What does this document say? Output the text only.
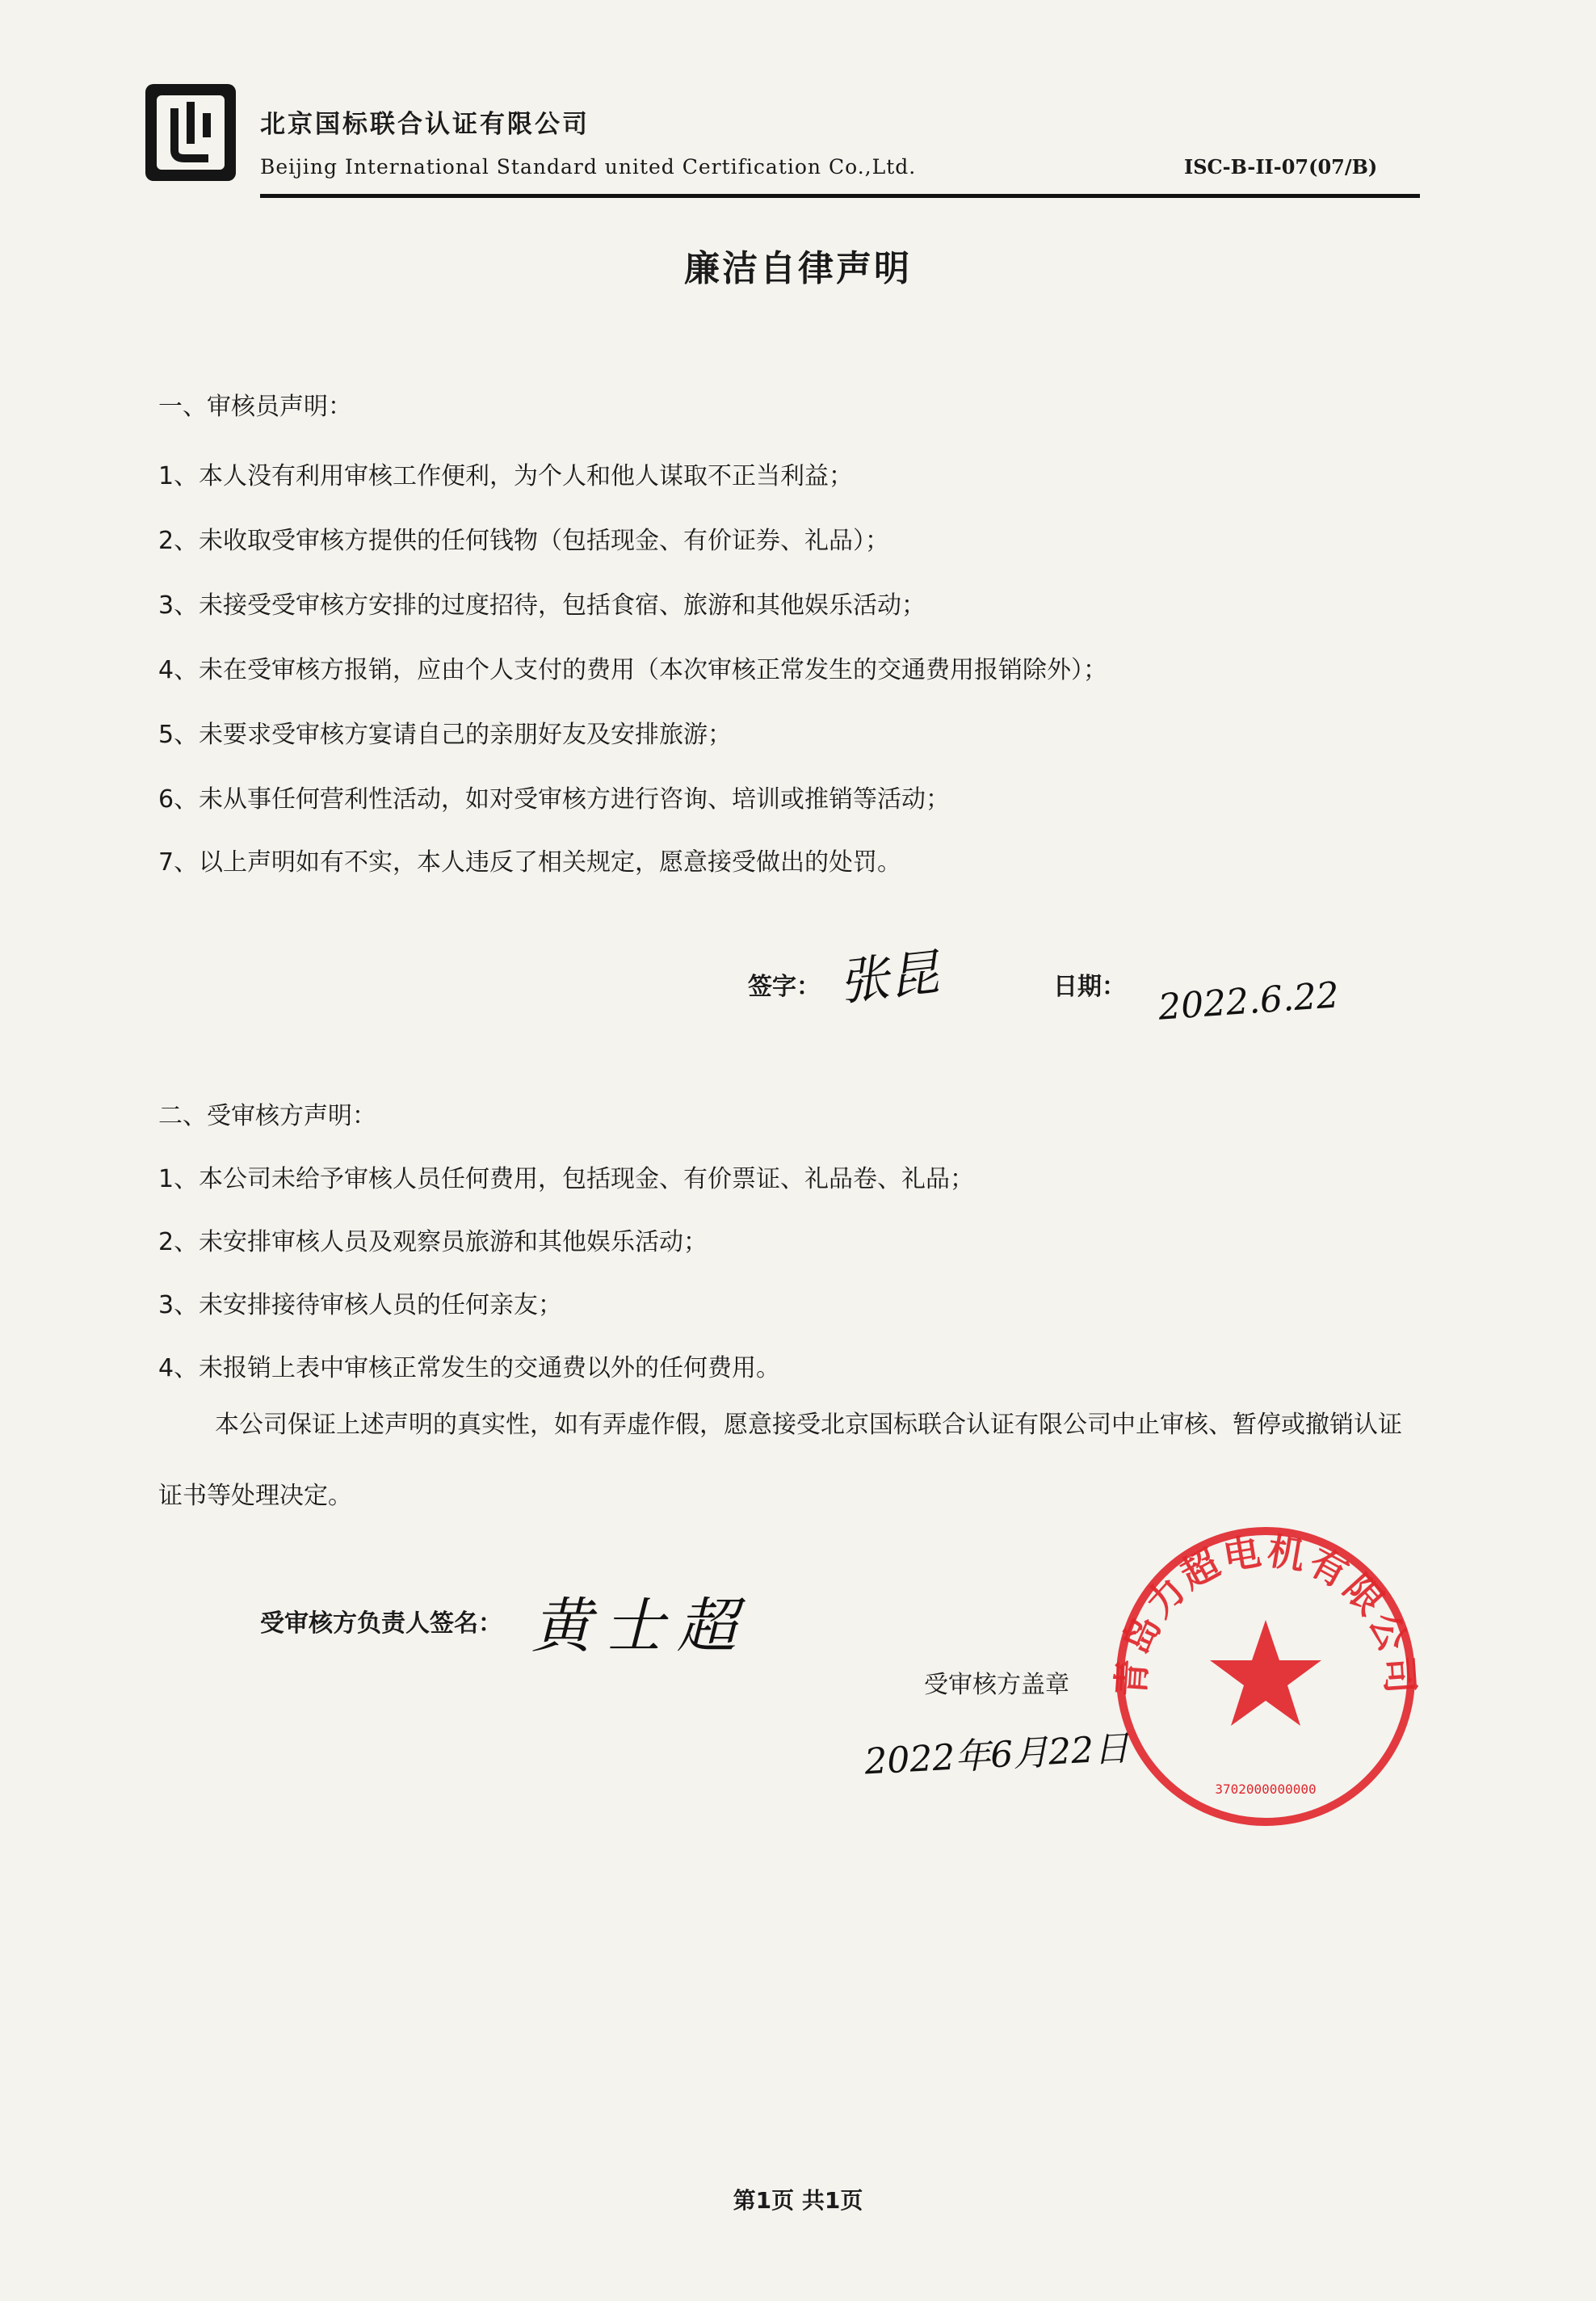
北京国标联合认证有限公司
Beijing International Standard united Certification Co.,Ltd.	ISC-B-II-07(07/B)
廉洁自律声明
一、审核员声明：
1、本人没有利用审核工作便利，为个人和他人谋取不正当利益；
2、未收取受审核方提供的任何钱物（包括现金、有价证券、礼品）；
3、未接受受审核方安排的过度招待，包括食宿、旅游和其他娱乐活动；
4、未在受审核方报销，应由个人支付的费用（本次审核正常发生的交通费用报销除外）；
5、未要求受审核方宴请自己的亲朋好友及安排旅游；
6、未从事任何营利性活动，如对受审核方进行咨询、培训或推销等活动；
7、以上声明如有不实，本人违反了相关规定，愿意接受做出的处罚。
签字： 张昆	日期： 2022.6.22
二、受审核方声明：
1、本公司未给予审核人员任何费用，包括现金、有价票证、礼品卷、礼品；
2、未安排审核人员及观察员旅游和其他娱乐活动；
3、未安排接待审核人员的任何亲友；
4、未报销上表中审核正常发生的交通费以外的任何费用。
本公司保证上述声明的真实性，如有弄虚作假，愿意接受北京国标联合认证有限公司中止审核、暂停或撤销认证证书等处理决定。
受审核方负责人签名： 黄士超
受审核方盖章
2022年6月22日
青岛力超电机有限公司
3702000000000
第1页 共1页
